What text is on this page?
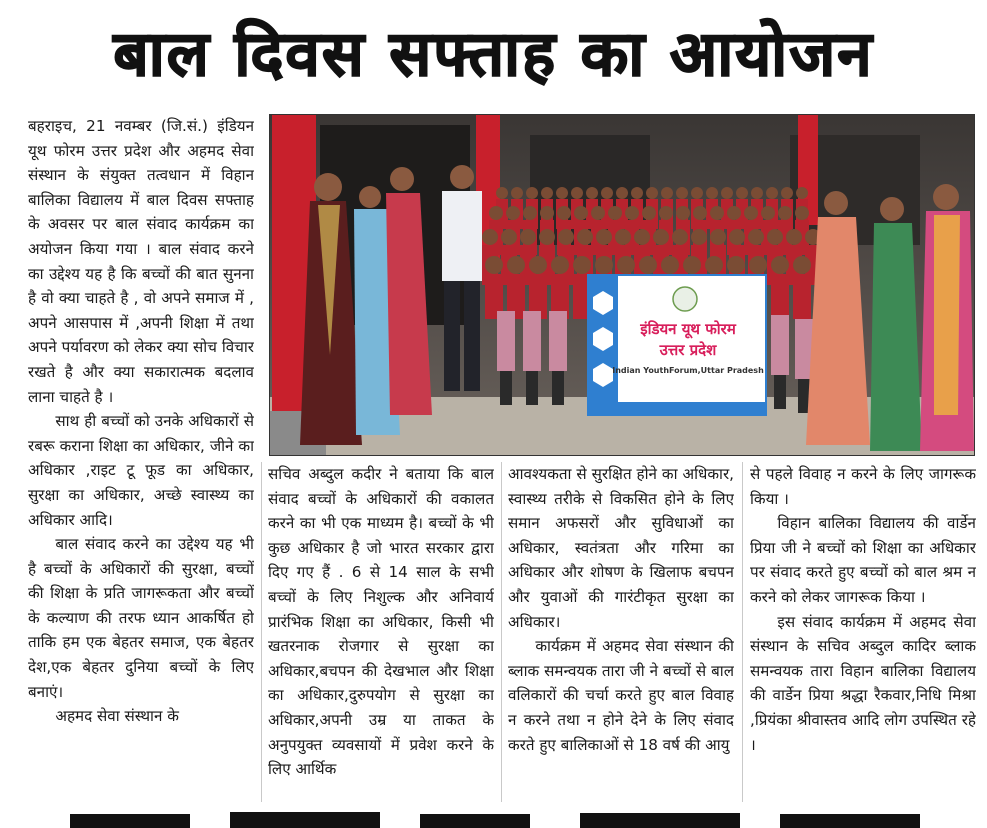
बाल दिवस सफ्ताह का आयोजन
इंडियन यूथ फोरम
उत्तर प्रदेश
Indian YouthForum,Uttar Pradesh

बहराइच, 21 नवम्बर (जि.सं.) इंडियन यूथ फोरम उत्तर प्रदेश और अहमद सेवा संस्थान के संयुक्त तत्वधान में विहान बालिका विद्यालय में बाल दिवस सफ्ताह के अवसर पर बाल संवाद कार्यक्रम का अयोजन किया गया । बाल संवाद करने का उद्देश्य यह है कि बच्चों की बात सुनना है वो क्या चाहते है , वो अपने समाज में , अपने आसपास में ,अपनी शिक्षा में तथा अपने पर्यावरण को लेकर क्या सोच विचार रखते है और क्या सकारात्मक बदलाव लाना चाहते है ।

साथ ही बच्चों को उनके अधिकारों से रबरू कराना शिक्षा का अधिकार, जीने का अधिकार ,राइट टू फूड का अधिकार, सुरक्षा का अधिकार, अच्छे स्वास्थ्य का अधिकार आदि।

बाल संवाद करने का उद्देश्य यह भी है बच्चों के अधिकारों की सुरक्षा, बच्चों की शिक्षा के प्रति जागरूकता और बच्चों के कल्याण की तरफ ध्यान आकर्षित हो ताकि हम एक बेहतर समाज, एक बेहतर देश,एक बेहतर दुनिया बच्चों के लिए बनाएं।

अहमद सेवा संस्थान के

सचिव अब्दुल कदीर ने बताया कि बाल संवाद बच्चों के अधिकारों की वकालत करने का भी एक माध्यम है। बच्चों के भी कुछ अधिकार है जो भारत सरकार द्वारा दिए गए हैं . 6 से 14 साल के सभी बच्चों के लिए निशुल्क और अनिवार्य प्रारंभिक शिक्षा का अधिकार, किसी भी खतरनाक रोजगार से सुरक्षा का अधिकार,बचपन की देखभाल और शिक्षा का अधिकार,दुरुपयोग से सुरक्षा का अधिकार,अपनी उम्र या ताकत के अनुपयुक्त व्यवसायों में प्रवेश करने के लिए आर्थिक

आवश्यकता से सुरक्षित होने का अधिकार, स्वास्थ्य तरीके से विकसित होने के लिए समान अफसरों और सुविधाओं का अधिकार, स्वतंत्रता और गरिमा का अधिकार और शोषण के खिलाफ बचपन और युवाओं की गारंटीकृत सुरक्षा का अधिकार।

कार्यक्रम में अहमद सेवा संस्थान की ब्लाक समन्वयक तारा जी ने बच्चों से बाल वलिकारों की चर्चा करते हुए बाल विवाह न करने तथा न होने देने के लिए संवाद करते हुए बालिकाओं से 18 वर्ष की आयु

से पहले विवाह न करने के लिए जागरूक किया ।

विहान बालिका विद्यालय की वार्डेन प्रिया जी ने बच्चों को शिक्षा का अधिकार पर संवाद करते हुए बच्चों को बाल श्रम न करने को लेकर जागरूक किया ।

इस संवाद कार्यक्रम में अहमद सेवा संस्थान के सचिव अब्दुल कादिर ब्लाक समन्वयक तारा विहान बालिका विद्यालय की वार्डेन प्रिया श्रद्धा रैकवार,निधि मिश्रा ,प्रियंका श्रीवास्तव आदि लोग उपस्थित रहे ।
